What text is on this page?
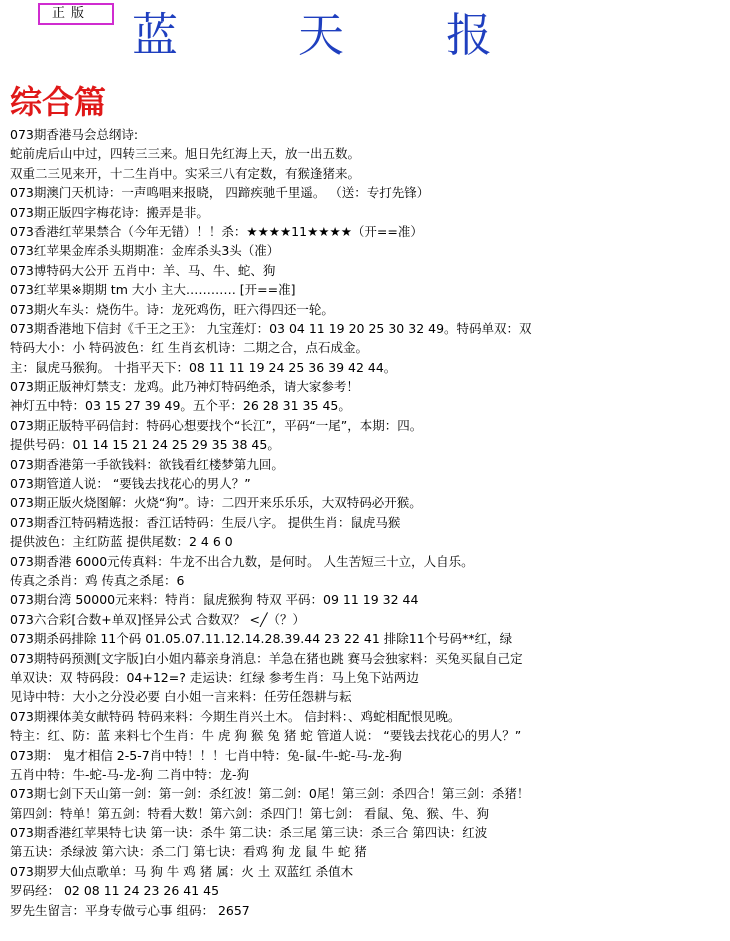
正版 蓝	天 报
综合篇
073期香港马会总纲诗:
蛇前虎后山中过，四转三三来。旭日先红海上天，放一出五数。
双重二三见来开，十二生肖中。实采三八有定数，有猴逢猪来。
073期澳门天机诗：一声鸣唱来报晓， 四蹄疾驰千里遥。 （送：专打先锋）
073期正版四字梅花诗：搬弄是非。
073香港红苹果禁合（今年无错）！！杀：★★★★11★★★★（开==准）
073红苹果金库杀头期期准：金库杀头3头（准）
073博特码大公开 五肖中：羊、马、牛、蛇、狗
073红苹果※期期 tm 大小 主大………… [开==准]
073期火车头：烧伤牛。诗：龙死鸡伤，旺六得四还一轮。
073期香港地下信封《千王之王》： 九宝莲灯：03 04 11 19 20 25 30 32 49。特码单双：双
特码大小：小 特码波色：红 生肖玄机诗：二期之合，点石成金。
主：鼠虎马猴狗。 十指平天下：08 11 11 19 24 25 36 39 42 44。
073期正版神灯禁支：龙鸡。此乃神灯特码绝杀，请大家参考！
神灯五中特：03 15 27 39 49。五个平：26 28 31 35 45。
073期正版特平码信封：特码心想要找个“长江”，平码“一尾”，本期：四。
提供号码：01 14 15 21 24 25 29 35 38 45。
073期香港第一手欲钱料：欲钱看红楼梦第九回。
073期管道人说： “要钱去找花心的男人？”
073期正版火烧图解：火烧“狗”。诗：二四开来乐乐乐，大双特码必开猴。
073期香江特码精选报：香江话特码：生辰八字。 提供生肖：鼠虎马猴
提供波色：主红防蓝 提供尾数：2 4 6 0
073期香港 6000元传真料：牛龙不出合九数，是何时。 人生苦短三十立，人自乐。
传真之杀肖：鸡 传真之杀尾：6
073期台湾 50000元来料：特肖：鼠虎猴狗 特双 平码：09 11 19 32 44
073六合彩[合数+单双]怪异公式 合数双？ <╱（？）
073期杀码排除 11个码 01.05.07.11.12.14.28.39.44 23 22 41 排除11个号码**红，绿
073期特码预测[文字版]白小姐内幕亲身消息：羊急在猪也跳 赛马会独家料：买兔买鼠自己定
单双诀：双 特码段：04+12=? 走运诀：红绿 参考生肖：马上兔下站两边
见诗中特：大小之分没必要 白小姐一言来料：任劳任怨耕与耘
073期裸体美女献特码 特码来料：今期生肖兴土木。 信封料：、鸡蛇相配恨见晚。
特主：红、防：蓝 来料七个生肖：牛 虎 狗 猴 兔 猪 蛇 管道人说： “要钱去找花心的男人？”
073期： 鬼才相信 2-5-7肖中特！！！七肖中特：兔-鼠-牛-蛇-马-龙-狗
五肖中特：牛-蛇-马-龙-狗 二肖中特：龙-狗
073期七剑下天山第一剑：第一剑：杀红波！第二剑：0尾！第三剑：杀四合！第三剑：杀猪！
第四剑：特单！第五剑：特看大数！第六剑：杀四门！第七剑： 看鼠、兔、猴、牛、狗
073期香港红苹果特七诀 第一诀：杀牛 第二诀：杀三尾 第三诀：杀三合 第四诀：红波
第五诀：杀绿波 第六诀：杀二门 第七诀：看鸡 狗 龙 鼠 牛 蛇 猪
073期罗大仙点歌单：马 狗 牛 鸡 猪 属：火 土 双蓝红 杀值木
罗码经： 02 08 11 24 23 26 41 45
罗先生留言：平身专做亏心事 组码： 2657
